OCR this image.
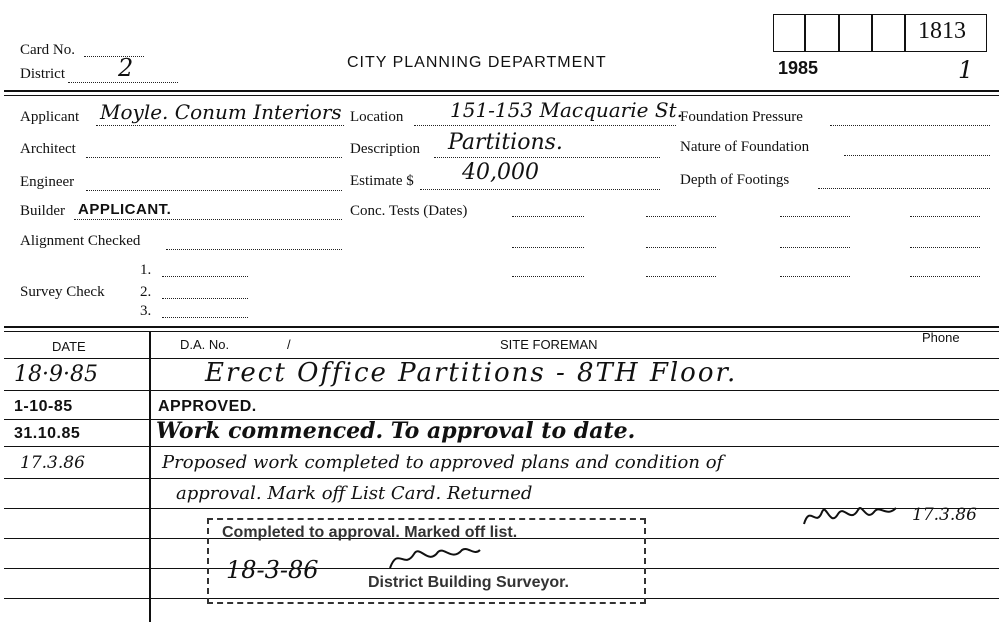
Card No.
District 2	CITY PLANNING DEPARTMENT
1813
1985	1
Applicant Moyle. Conum Interiors Location 151-153 Macquarie St.
Foundation Pressure
Architect	Description Partitions.	Nature of Foundation
Engineer	Estimate $ 40,000	Depth of Footings
Builder APPLICANT.	Conc. Tests (Dates)
Alignment Checked
Survey Check
1.
2.
3.
DATE	D.A. No.	/	SITE FOREMAN	Phone
18·9·85	Erect Office Partitions - 8TH Floor.
1-10-85	APPROVED.
31.10.85	Work commenced. To approval to date.
17.3.86	Proposed work completed to approved plans and condition of
approval. Mark off List Card. Returned
17.3.86
Completed to approval. Marked off list.
18-3-86	District Building Surveyor.
